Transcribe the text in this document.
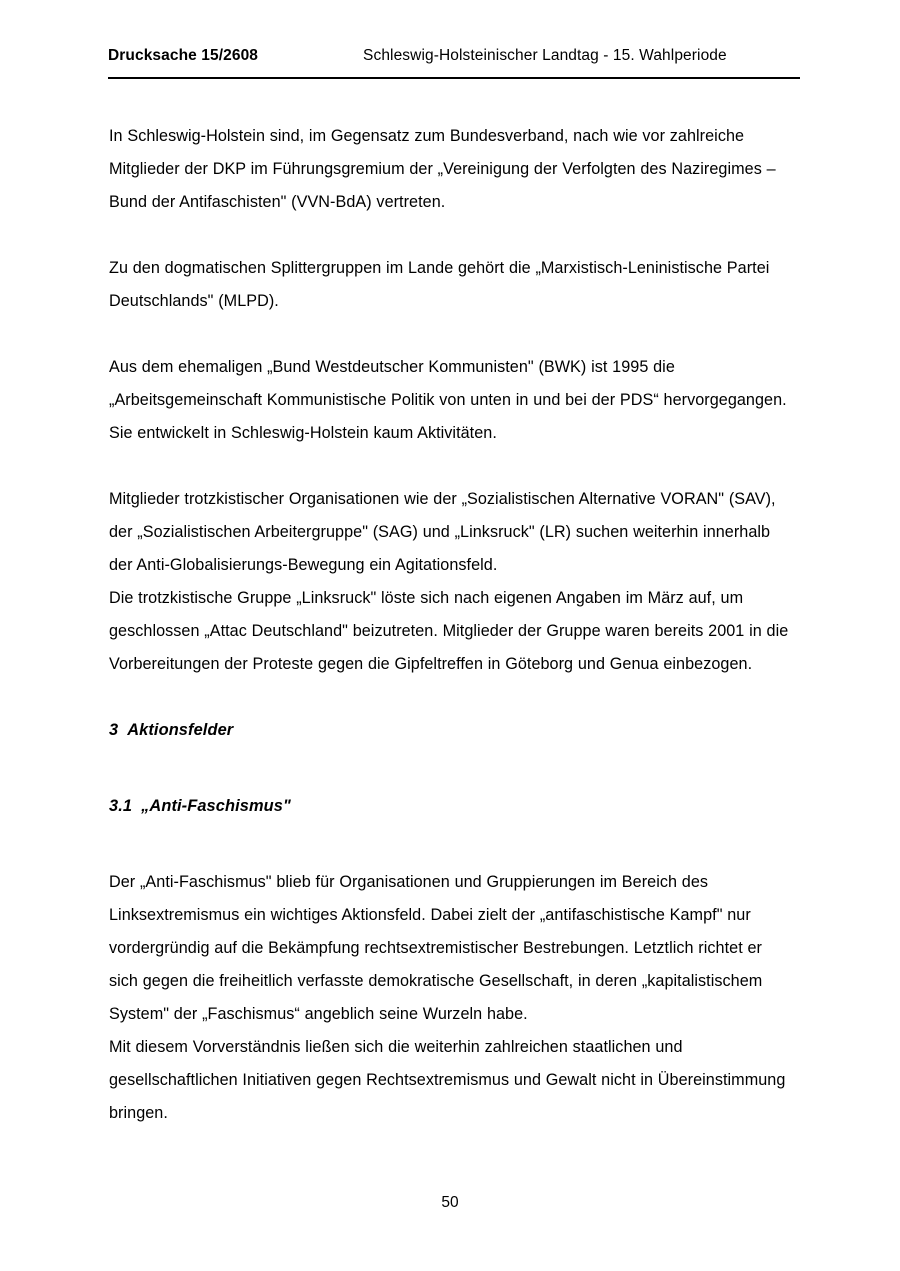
Drucksache 15/2608	Schleswig-Holsteinischer Landtag - 15. Wahlperiode

In Schleswig-Holstein sind, im Gegensatz zum Bundesverband, nach wie vor zahlreiche Mitglieder der DKP im Führungsgremium der „Vereinigung der Verfolgten des Naziregimes – Bund der Antifaschisten" (VVN-BdA) vertreten.

Zu den dogmatischen Splittergruppen im Lande gehört die „Marxistisch-Leninistische Partei Deutschlands" (MLPD).

Aus dem ehemaligen „Bund Westdeutscher Kommunisten" (BWK) ist 1995 die „Arbeitsgemeinschaft Kommunistische Politik von unten in und bei der PDS“ hervorgegangen. Sie entwickelt in Schleswig-Holstein kaum Aktivitäten.

Mitglieder trotzkistischer Organisationen wie der „Sozialistischen Alternative VORAN" (SAV), der „Sozialistischen Arbeitergruppe" (SAG) und „Linksruck" (LR) suchen weiterhin innerhalb der Anti-Globalisierungs-Bewegung ein Agitationsfeld.

Die trotzkistische Gruppe „Linksruck" löste sich nach eigenen Angaben im März auf, um geschlossen „Attac Deutschland" beizutreten. Mitglieder der Gruppe waren bereits 2001 in die Vorbereitungen der Proteste gegen die Gipfeltreffen in Göteborg und Genua einbezogen.

3 Aktionsfelder
3.1 „Anti-Faschismus"

Der „Anti-Faschismus" blieb für Organisationen und Gruppierungen im Bereich des Linksextremismus ein wichtiges Aktionsfeld. Dabei zielt der „antifaschistische Kampf" nur vordergründig auf die Bekämpfung rechtsextremistischer Bestrebungen. Letztlich richtet er sich gegen die freiheitlich verfasste demokratische Gesellschaft, in deren „kapitalistischem System" der „Faschismus“ angeblich seine Wurzeln habe.

Mit diesem Vorverständnis ließen sich die weiterhin zahlreichen staatlichen und gesellschaftlichen Initiativen gegen Rechtsextremismus und Gewalt nicht in Übereinstimmung bringen.

50
